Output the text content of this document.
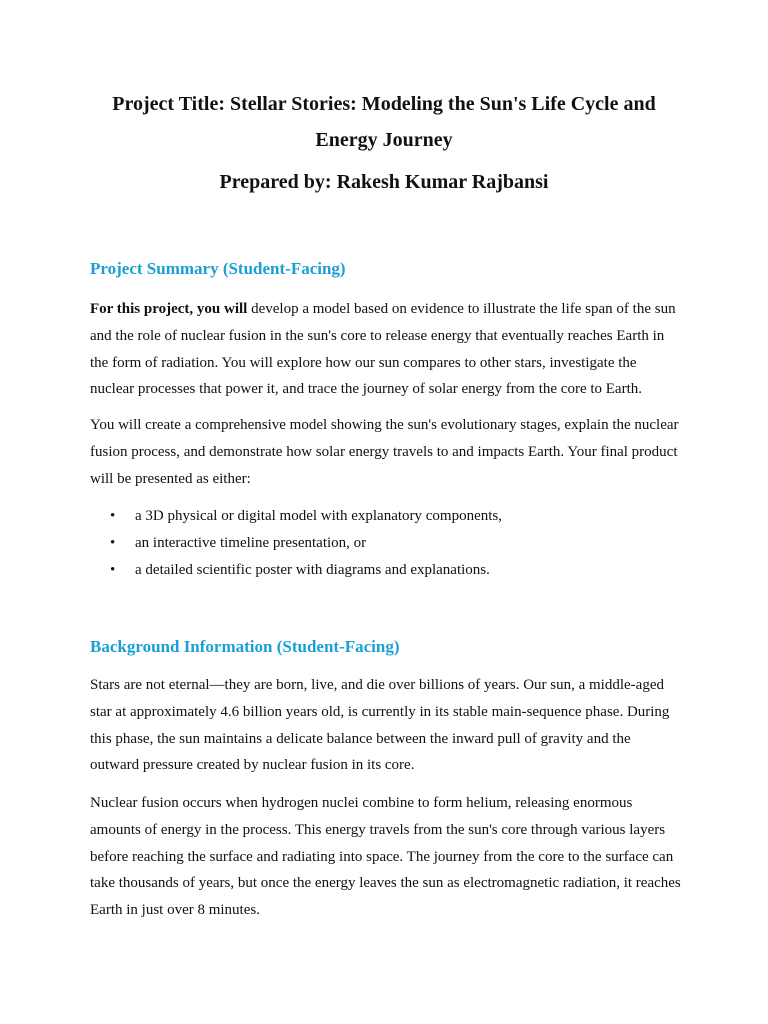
Project Title: Stellar Stories: Modeling the Sun's Life Cycle and Energy Journey

Prepared by: Rakesh Kumar Rajbansi

Project Summary (Student-Facing)

For this project, you will develop a model based on evidence to illustrate the life span of the sun and the role of nuclear fusion in the sun's core to release energy that eventually reaches Earth in the form of radiation. You will explore how our sun compares to other stars, investigate the nuclear processes that power it, and trace the journey of solar energy from the core to Earth.

You will create a comprehensive model showing the sun's evolutionary stages, explain the nuclear fusion process, and demonstrate how solar energy travels to and impacts Earth. Your final product will be presented as either:

• a 3D physical or digital model with explanatory components,
• an interactive timeline presentation, or
• a detailed scientific poster with diagrams and explanations.

Background Information (Student-Facing)

Stars are not eternal—they are born, live, and die over billions of years. Our sun, a middle-aged star at approximately 4.6 billion years old, is currently in its stable main-sequence phase. During this phase, the sun maintains a delicate balance between the inward pull of gravity and the outward pressure created by nuclear fusion in its core.

Nuclear fusion occurs when hydrogen nuclei combine to form helium, releasing enormous amounts of energy in the process. This energy travels from the sun's core through various layers before reaching the surface and radiating into space. The journey from the core to the surface can take thousands of years, but once the energy leaves the sun as electromagnetic radiation, it reaches Earth in just over 8 minutes.
